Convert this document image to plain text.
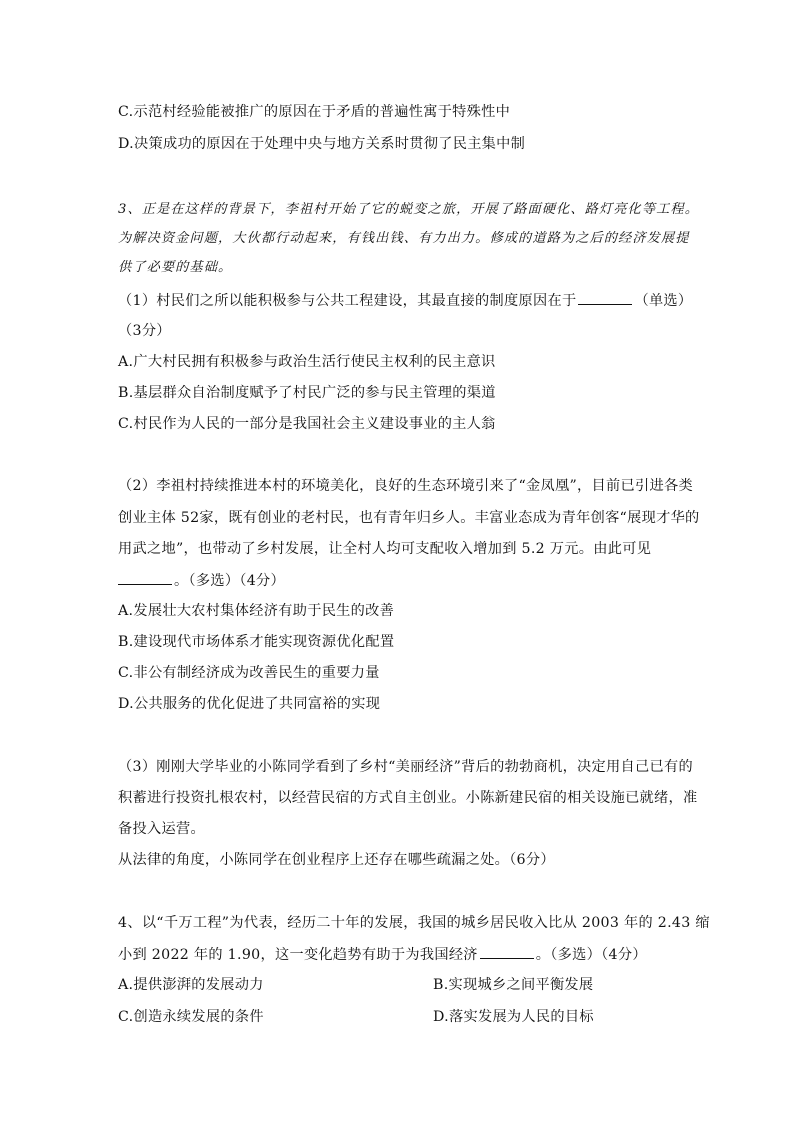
C.示范村经验能被推广的原因在于矛盾的普遍性寓于特殊性中
D.决策成功的原因在于处理中央与地方关系时贯彻了民主集中制
3、正是在这样的背景下，李祖村开始了它的蜕变之旅，开展了路面硬化、路灯亮化等工程。
为解决资金问题，大伙都行动起来，有钱出钱、有力出力。修成的道路为之后的经济发展提
供了必要的基础。
（1）村民们之所以能积极参与公共工程建设，其最直接的制度原因在于	（单选）
（3分）
A.广大村民拥有积极参与政治生活行使民主权利的民主意识
B.基层群众自治制度赋予了村民广泛的参与民主管理的渠道
C.村民作为人民的一部分是我国社会主义建设事业的主人翁
（2）李祖村持续推进本村的环境美化，良好的生态环境引来了“金凤凰”，目前已引进各类
创业主体 52家，既有创业的老村民，也有青年归乡人。丰富业态成为青年创客“展现才华的
用武之地”，也带动了乡村发展，让全村人均可支配收入增加到 5.2 万元。由此可见
。（多选）（4分）
A.发展壮大农村集体经济有助于民生的改善
B.建设现代市场体系才能实现资源优化配置
C.非公有制经济成为改善民生的重要力量
D.公共服务的优化促进了共同富裕的实现
（3）刚刚大学毕业的小陈同学看到了乡村“美丽经济”背后的勃勃商机，决定用自己已有的
积蓄进行投资扎根农村，以经营民宿的方式自主创业。小陈新建民宿的相关设施已就绪，准
备投入运营。
从法律的角度，小陈同学在创业程序上还存在哪些疏漏之处。（6分）
4、以“千万工程”为代表，经历二十年的发展，我国的城乡居民收入比从 2003 年的 2.43 缩
小到 2022 年的 1.90，这一变化趋势有助于为我国经济	。（多选）（4分）
A.提供澎湃的发展动力	B.实现城乡之间平衡发展
C.创造永续发展的条件	D.落实发展为人民的目标
